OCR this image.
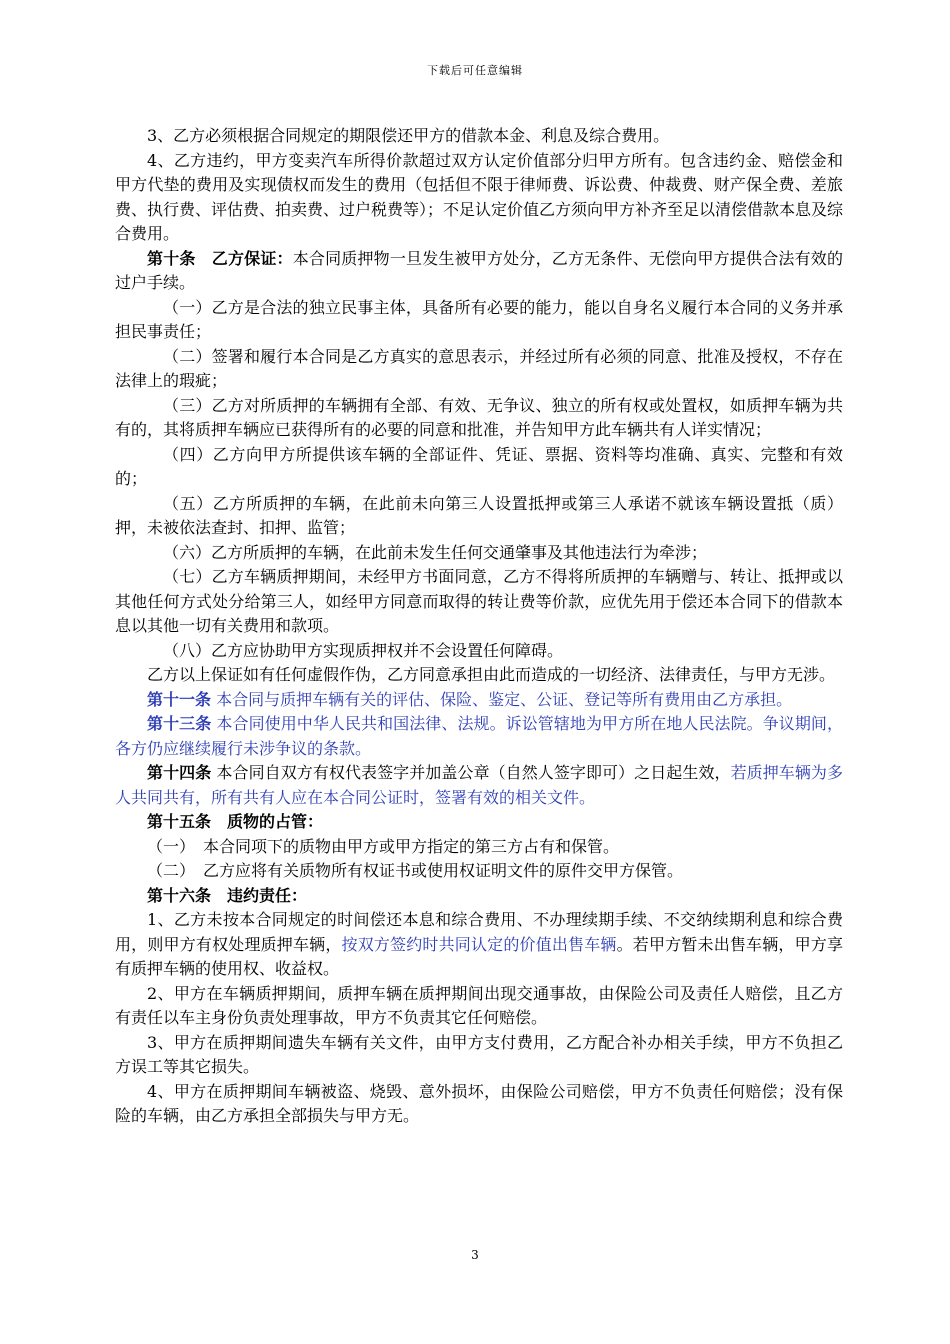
下载后可任意编辑

3、乙方必须根据合同规定的期限偿还甲方的借款本金、利息及综合费用。

4、乙方违约，甲方变卖汽车所得价款超过双方认定价值部分归甲方所有。包含违约金、赔偿金和甲方代垫的费用及实现债权而发生的费用（包括但不限于律师费、诉讼费、仲裁费、财产保全费、差旅费、执行费、评估费、拍卖费、过户税费等）；不足认定价值乙方须向甲方补齐至足以清偿借款本息及综合费用。

第十条　乙方保证：本合同质押物一旦发生被甲方处分，乙方无条件、无偿向甲方提供合法有效的过户手续。

（一）乙方是合法的独立民事主体，具备所有必要的能力，能以自身名义履行本合同的义务并承担民事责任；

（二）签署和履行本合同是乙方真实的意思表示，并经过所有必须的同意、批准及授权，不存在法律上的瑕疵；

（三）乙方对所质押的车辆拥有全部、有效、无争议、独立的所有权或处置权，如质押车辆为共有的，其将质押车辆应已获得所有的必要的同意和批准，并告知甲方此车辆共有人详实情况；

（四）乙方向甲方所提供该车辆的全部证件、凭证、票据、资料等均准确、真实、完整和有效的；

（五）乙方所质押的车辆，在此前未向第三人设置抵押或第三人承诺不就该车辆设置抵（质）押，未被依法查封、扣押、监管；

（六）乙方所质押的车辆，在此前未发生任何交通肇事及其他违法行为牵涉；

（七）乙方车辆质押期间，未经甲方书面同意，乙方不得将所质押的车辆赠与、转让、抵押或以其他任何方式处分给第三人，如经甲方同意而取得的转让费等价款，应优先用于偿还本合同下的借款本息以其他一切有关费用和款项。

（八）乙方应协助甲方实现质押权并不会设置任何障碍。

乙方以上保证如有任何虚假作伪，乙方同意承担由此而造成的一切经济、法律责任，与甲方无涉。

第十一条 本合同与质押车辆有关的评估、保险、鉴定、公证、登记等所有费用由乙方承担。

第十三条 本合同使用中华人民共和国法律、法规。诉讼管辖地为甲方所在地人民法院。争议期间，各方仍应继续履行未涉争议的条款。

第十四条 本合同自双方有权代表签字并加盖公章（自然人签字即可）之日起生效，若质押车辆为多人共同共有，所有共有人应在本合同公证时，签署有效的相关文件。

第十五条　质物的占管：

（一）　本合同项下的质物由甲方或甲方指定的第三方占有和保管。

（二）　乙方应将有关质物所有权证书或使用权证明文件的原件交甲方保管。

第十六条　违约责任：

1、乙方未按本合同规定的时间偿还本息和综合费用、不办理续期手续、不交纳续期利息和综合费用，则甲方有权处理质押车辆，按双方签约时共同认定的价值出售车辆。若甲方暂未出售车辆，甲方享有质押车辆的使用权、收益权。

2、甲方在车辆质押期间，质押车辆在质押期间出现交通事故，由保险公司及责任人赔偿，且乙方有责任以车主身份负责处理事故，甲方不负责其它任何赔偿。

3、甲方在质押期间遗失车辆有关文件，由甲方支付费用，乙方配合补办相关手续，甲方不负担乙方误工等其它损失。

4、甲方在质押期间车辆被盗、烧毁、意外损坏，由保险公司赔偿，甲方不负责任何赔偿；没有保险的车辆，由乙方承担全部损失与甲方无。

3
